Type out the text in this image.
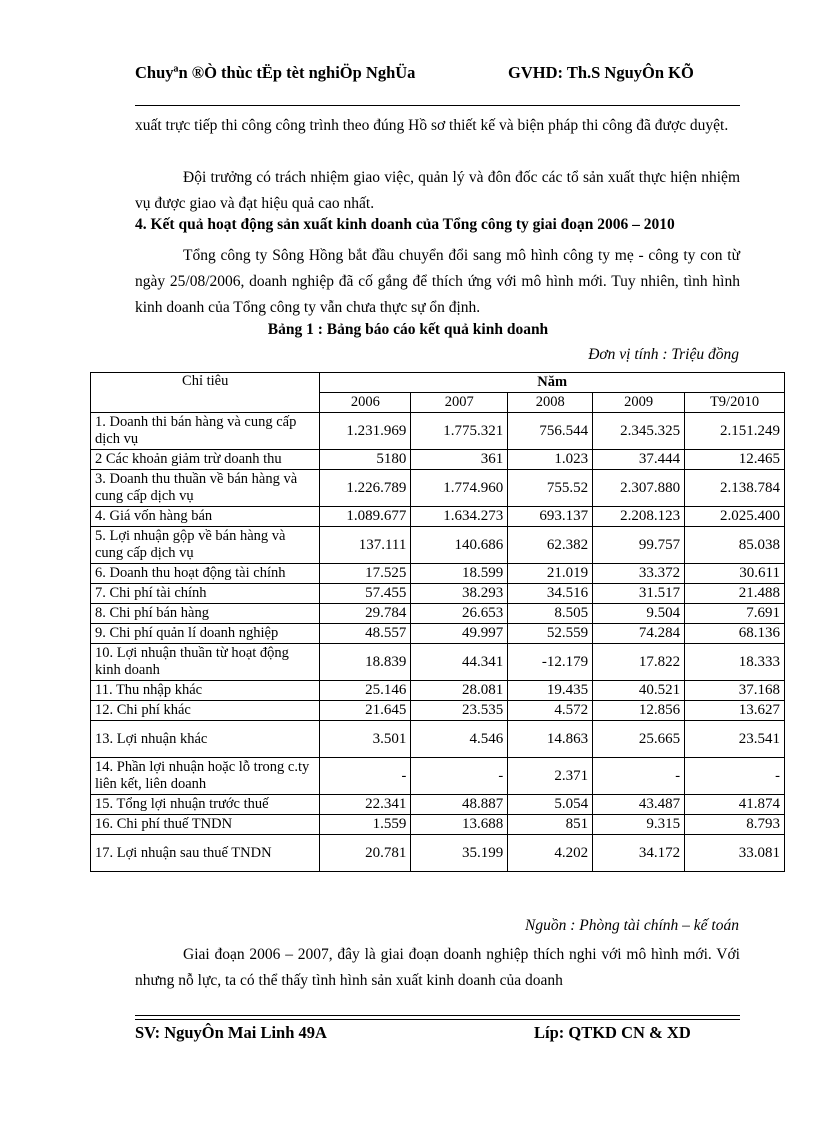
Chuyªn ®Ò thùc tËp tèt nghiÖp NghÜa	GVHD: Th.S NguyÔn KÕ
xuất trực tiếp thi công công trình theo đúng Hồ sơ thiết kế và biện pháp thi công đã được duyệt.
Đội trưởng có trách nhiệm giao việc, quản lý và đôn đốc các tổ sản xuất thực hiện nhiệm vụ được giao và đạt hiệu quả cao nhất.
4. Kết quả hoạt động sản xuất kinh doanh của Tổng công ty giai đoạn 2006 – 2010
Tổng công ty Sông Hồng bắt đầu chuyển đổi sang mô hình công ty mẹ - công ty con từ ngày 25/08/2006, doanh nghiệp đã cố gắng để thích ứng với mô hình mới. Tuy nhiên, tình hình kinh doanh của Tổng công ty vẫn chưa thực sự ổn định.
Bảng 1 : Bảng báo cáo kết quả kinh doanh
Đơn vị tính : Triệu đồng
Chỉ tiêu	Năm				
	2006	2007	2008	2009	T9/2010
1. Doanh thi bán hàng và cung cấp dịch vụ	1.231.969	1.775.321	756.544	2.345.325	2.151.249
2 Các khoản giảm trừ doanh thu	5180	361	1.023	37.444	12.465
3. Doanh thu thuần về bán hàng và cung cấp dịch vụ	1.226.789	1.774.960	755.52	2.307.880	2.138.784
4. Giá vốn hàng bán	1.089.677	1.634.273	693.137	2.208.123	2.025.400
5. Lợi nhuận gộp về bán hàng và cung cấp dịch vụ	137.111	140.686	62.382	99.757	85.038
6. Doanh thu hoạt động tài chính	17.525	18.599	21.019	33.372	30.611
7. Chi phí tài chính	57.455	38.293	34.516	31.517	21.488
8. Chi phí bán hàng	29.784	26.653	8.505	9.504	7.691
9. Chi phí quản lí doanh nghiệp	48.557	49.997	52.559	74.284	68.136
10. Lợi nhuận thuần từ hoạt động kinh doanh	18.839	44.341	-12.179	17.822	18.333
11. Thu nhập khác	25.146	28.081	19.435	40.521	37.168
12. Chi phí khác	21.645	23.535	4.572	12.856	13.627
13. Lợi nhuận khác	3.501	4.546	14.863	25.665	23.541
14. Phần lợi nhuận hoặc lỗ trong c.ty liên kết, liên doanh	-	-	2.371	-	-
15. Tổng lợi nhuận trước thuế	22.341	48.887	5.054	43.487	41.874
16. Chi phí thuế TNDN	1.559	13.688	851	9.315	8.793
17. Lợi nhuận sau thuế TNDN	20.781	35.199	4.202	34.172	33.081
Nguồn : Phòng tài chính – kế toán
Giai đoạn 2006 – 2007, đây là giai đoạn doanh nghiệp thích nghi với mô hình mới. Với nhưng nỗ lực, ta có thể thấy tình hình sản xuất kinh doanh của doanh
SV: NguyÔn Mai Linh 49A	Líp: QTKD CN & XD
